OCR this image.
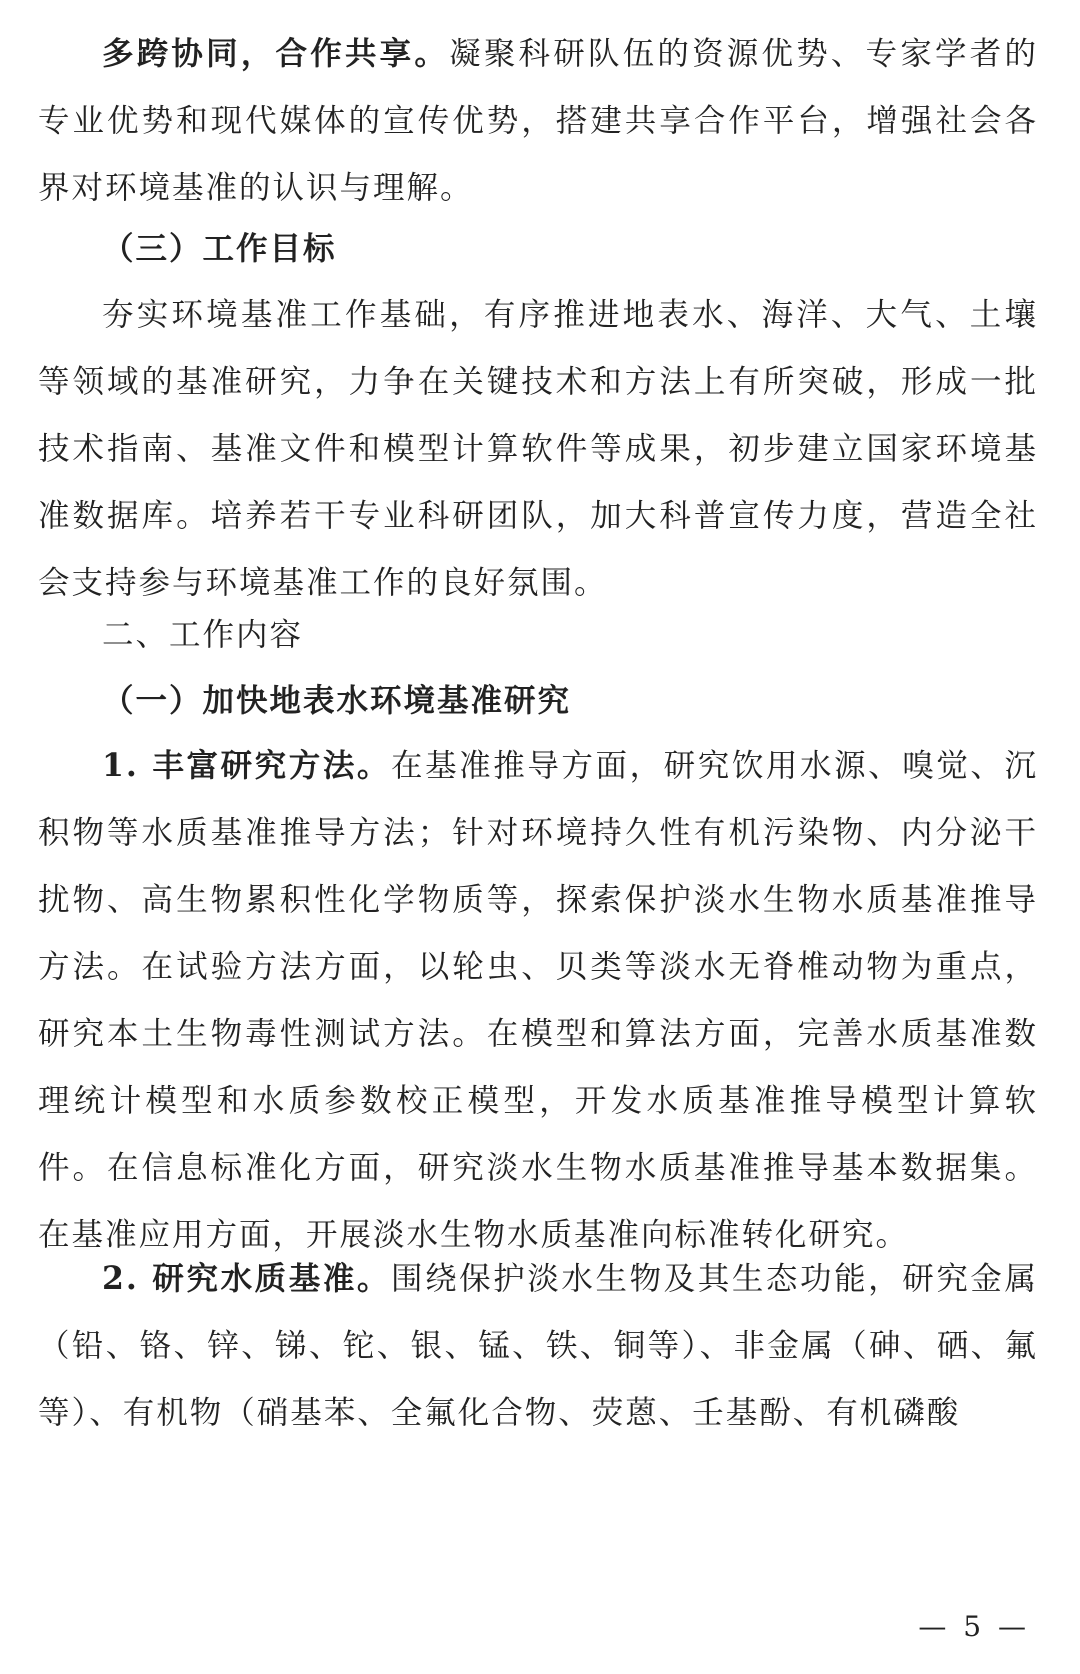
多跨协同，合作共享。凝聚科研队伍的资源优势、专家学者的专业优势和现代媒体的宣传优势，搭建共享合作平台，增强社会各界对环境基准的认识与理解。

（三）工作目标

夯实环境基准工作基础，有序推进地表水、海洋、大气、土壤等领域的基准研究，力争在关键技术和方法上有所突破，形成一批技术指南、基准文件和模型计算软件等成果，初步建立国家环境基准数据库。培养若干专业科研团队，加大科普宣传力度，营造全社会支持参与环境基准工作的良好氛围。

二、工作内容

（一）加快地表水环境基准研究

1. 丰富研究方法。在基准推导方面，研究饮用水源、嗅觉、沉积物等水质基准推导方法；针对环境持久性有机污染物、内分泌干扰物、高生物累积性化学物质等，探索保护淡水生物水质基准推导方法。在试验方法方面，以轮虫、贝类等淡水无脊椎动物为重点，研究本土生物毒性测试方法。在模型和算法方面，完善水质基准数理统计模型和水质参数校正模型，开发水质基准推导模型计算软件。在信息标准化方面，研究淡水生物水质基准推导基本数据集。在基准应用方面，开展淡水生物水质基准向标准转化研究。

2. 研究水质基准。围绕保护淡水生物及其生态功能，研究金属（铅、铬、锌、锑、铊、银、锰、铁、铜等）、非金属（砷、硒、氟等）、有机物（硝基苯、全氟化合物、荧蒽、壬基酚、有机磷酸

— 5 —
